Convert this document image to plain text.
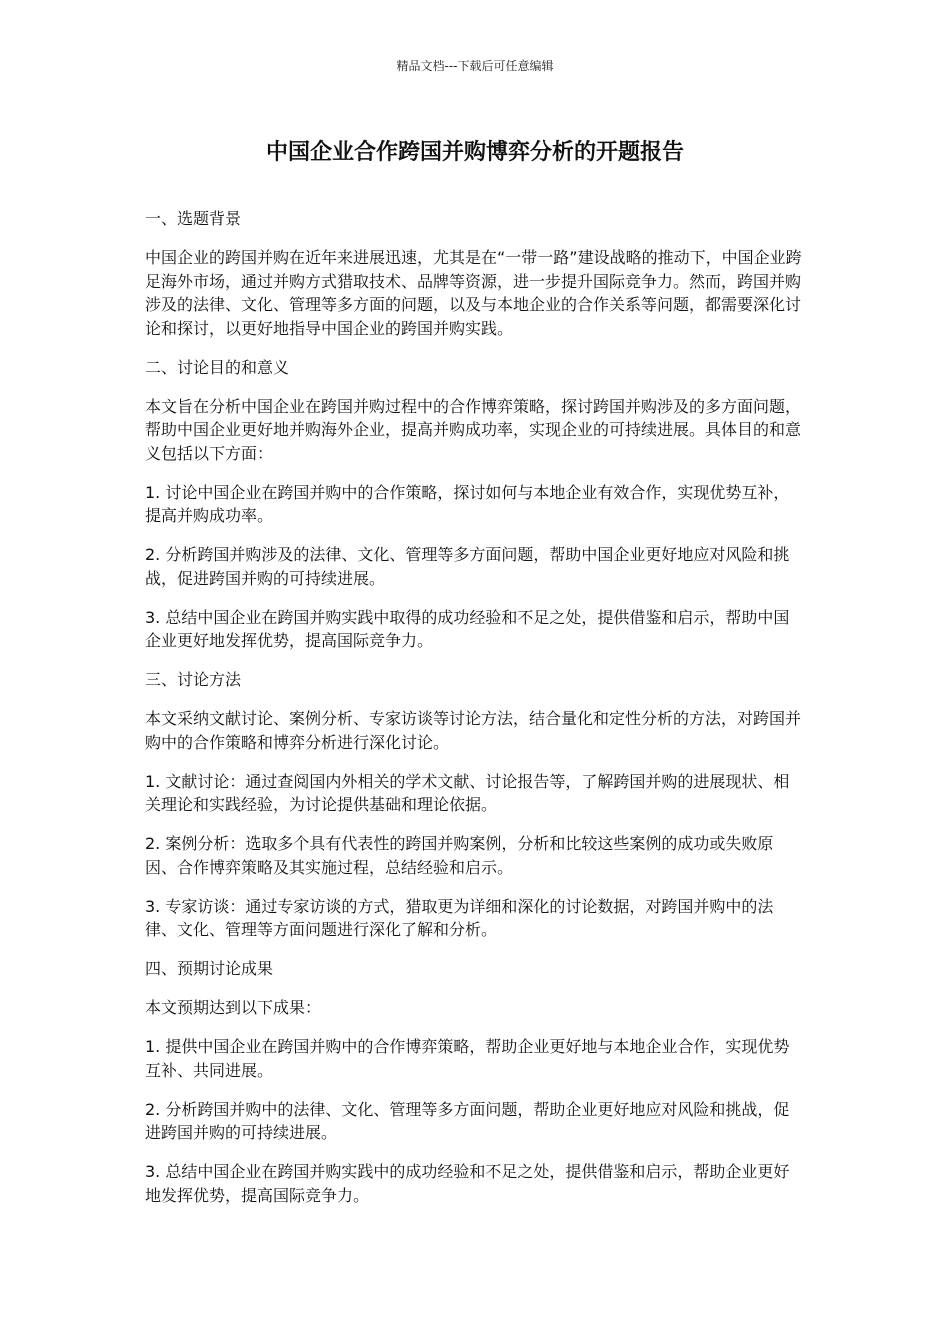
精品文档---下载后可任意编辑
中国企业合作跨国并购博弈分析的开题报告

一、选题背景

中国企业的跨国并购在近年来进展迅速，尤其是在“一带一路”建设战略的推动下，中国企业跨足海外市场，通过并购方式猎取技术、品牌等资源，进一步提升国际竞争力。然而，跨国并购涉及的法律、文化、管理等多方面的问题，以及与本地企业的合作关系等问题，都需要深化讨论和探讨，以更好地指导中国企业的跨国并购实践。

二、讨论目的和意义

本文旨在分析中国企业在跨国并购过程中的合作博弈策略，探讨跨国并购涉及的多方面问题，帮助中国企业更好地并购海外企业，提高并购成功率，实现企业的可持续进展。具体目的和意义包括以下方面：

1. 讨论中国企业在跨国并购中的合作策略，探讨如何与本地企业有效合作，实现优势互补，提高并购成功率。

2. 分析跨国并购涉及的法律、文化、管理等多方面问题，帮助中国企业更好地应对风险和挑战，促进跨国并购的可持续进展。

3. 总结中国企业在跨国并购实践中取得的成功经验和不足之处，提供借鉴和启示，帮助中国企业更好地发挥优势，提高国际竞争力。

三、讨论方法

本文采纳文献讨论、案例分析、专家访谈等讨论方法，结合量化和定性分析的方法，对跨国并购中的合作策略和博弈分析进行深化讨论。

1. 文献讨论：通过查阅国内外相关的学术文献、讨论报告等，了解跨国并购的进展现状、相关理论和实践经验，为讨论提供基础和理论依据。

2. 案例分析：选取多个具有代表性的跨国并购案例，分析和比较这些案例的成功或失败原因、合作博弈策略及其实施过程，总结经验和启示。

3. 专家访谈：通过专家访谈的方式，猎取更为详细和深化的讨论数据，对跨国并购中的法律、文化、管理等方面问题进行深化了解和分析。

四、预期讨论成果

本文预期达到以下成果：

1. 提供中国企业在跨国并购中的合作博弈策略，帮助企业更好地与本地企业合作，实现优势互补、共同进展。

2. 分析跨国并购中的法律、文化、管理等多方面问题，帮助企业更好地应对风险和挑战，促进跨国并购的可持续进展。

3. 总结中国企业在跨国并购实践中的成功经验和不足之处，提供借鉴和启示，帮助企业更好地发挥优势，提高国际竞争力。
